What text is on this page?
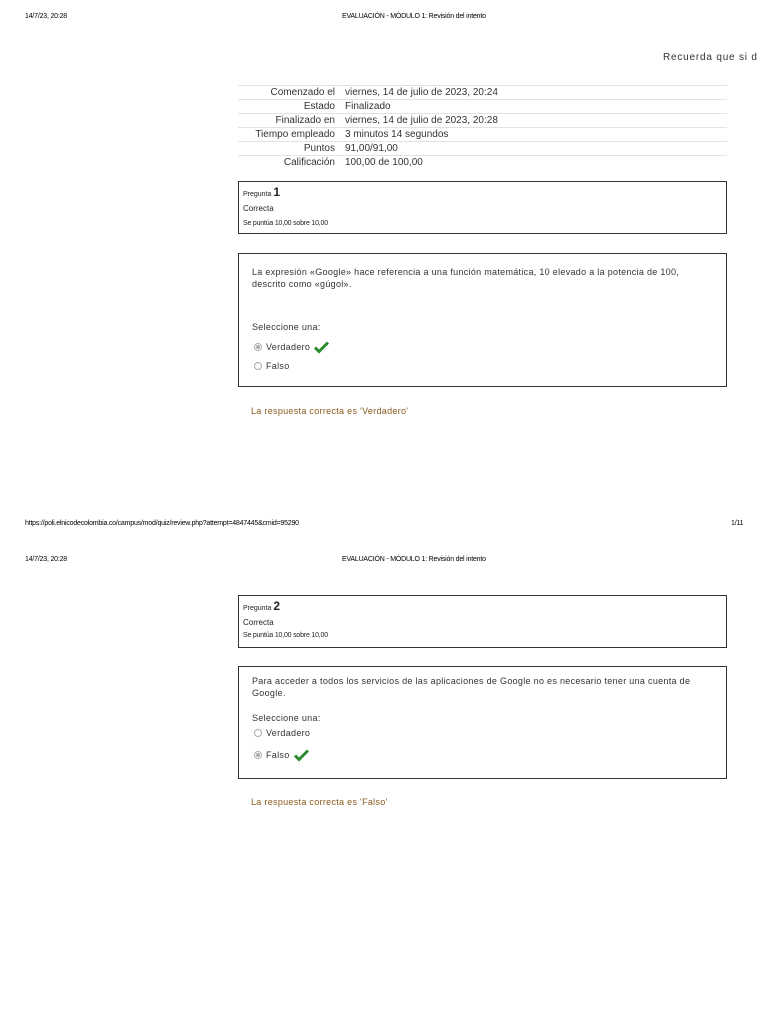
14/7/23, 20:28	EVALUACIÓN - MÓDULO 1: Revisión del intento
Recuerda que si d
Comenzado el	viernes, 14 de julio de 2023, 20:24
Estado	Finalizado
Finalizado en	viernes, 14 de julio de 2023, 20:28
Tiempo empleado	3 minutos 14 segundos
Puntos	91,00/91,00
Calificación	100,00 de 100,00
Pregunta 1
Correcta
Se puntúa 10,00 sobre 10,00
La expresión «Google» hace referencia a una función matemática, 10 elevado a la potencia de 100, descrito como «gúgol».
Seleccione una:
Verdadero
Falso
La respuesta correcta es 'Verdadero'
https://poli.elnicodecolombia.co/campus/mod/quiz/review.php?attempt=4847445&cmid=95290	1/11
14/7/23, 20:28	EVALUACIÓN - MÓDULO 1: Revisión del intento
Pregunta 2
Correcta
Se puntúa 10,00 sobre 10,00
Para acceder a todos los servicios de las aplicaciones de Google no es necesario tener una cuenta de Google.
Seleccione una:
Verdadero
Falso
La respuesta correcta es 'Falso'
